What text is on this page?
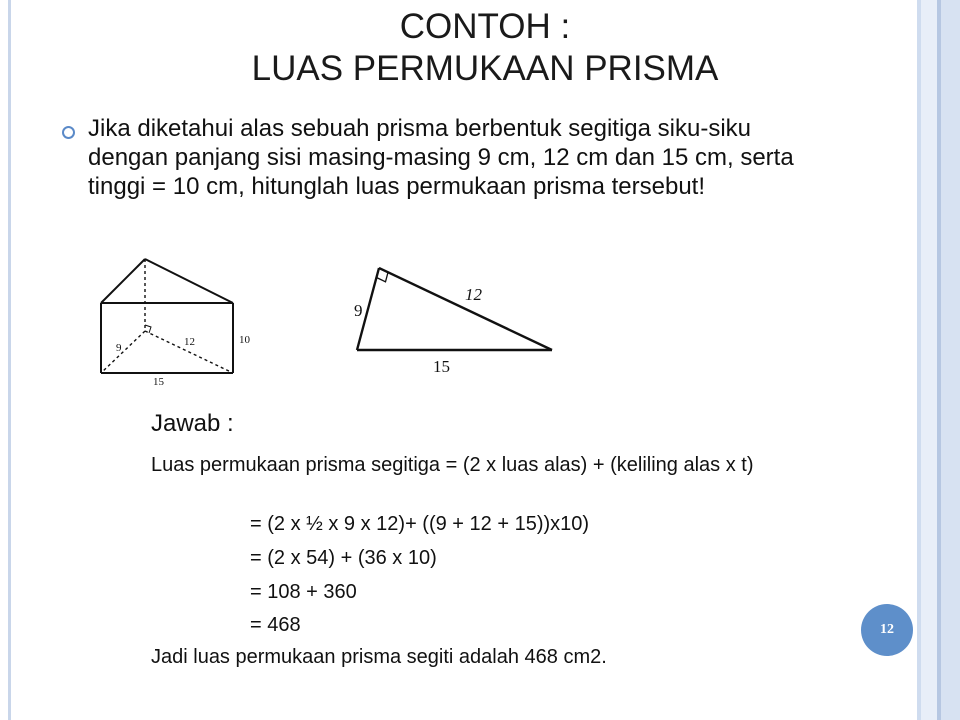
CONTOH :
LUAS PERMUKAAN PRISMA
Jika diketahui alas sebuah prisma berbentuk segitiga siku-siku dengan panjang sisi masing-masing 9 cm, 12 cm dan 15 cm, serta tinggi = 10 cm, hitunglah luas permukaan prisma tersebut!
9	12	10
15
9
12
15
Jawab :
Luas permukaan prisma segitiga = (2 x luas alas) + (keliling alas x t)
= (2 x ½ x 9 x 12)+ ((9 + 12 + 15))x10)
= (2 x 54) + (36 x 10)
= 108 + 360
= 468
Jadi luas permukaan prisma segiti adalah 468 cm2.
12
